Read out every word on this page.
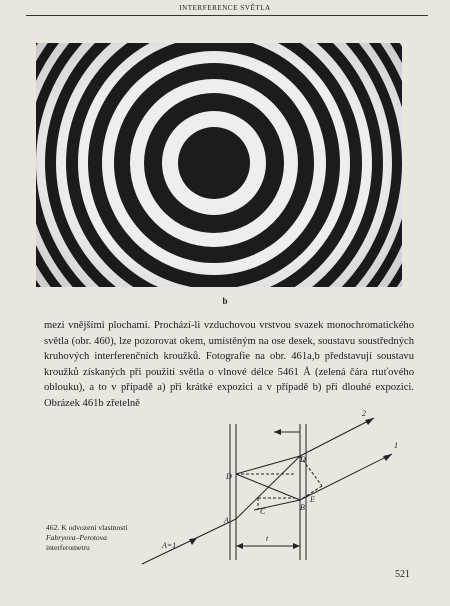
INTERFERENCE SVĚTLA
b

mezi vnějšími plochami. Prochází-li vzduchovou vrstvou svazek monochromatického světla (obr. 460), lze pozorovat okem, umístěným na ose desek, soustavu soustředných kruhových interferenčních kroužků. Fotografie na obr. 461a,b představují soustavu kroužků získaných při použití světla o vlnové délce 5461 Å (zelená čára rtuťového oblouku), a to v případě a) při krátké expozici a v případě b) při dlouhé expozici. Obrázek 461b zřetelně

2
1
D
D
E
B
C
A
A=1
t
462. K odvození vlastností Fabryova–Perotova interferometru
521
